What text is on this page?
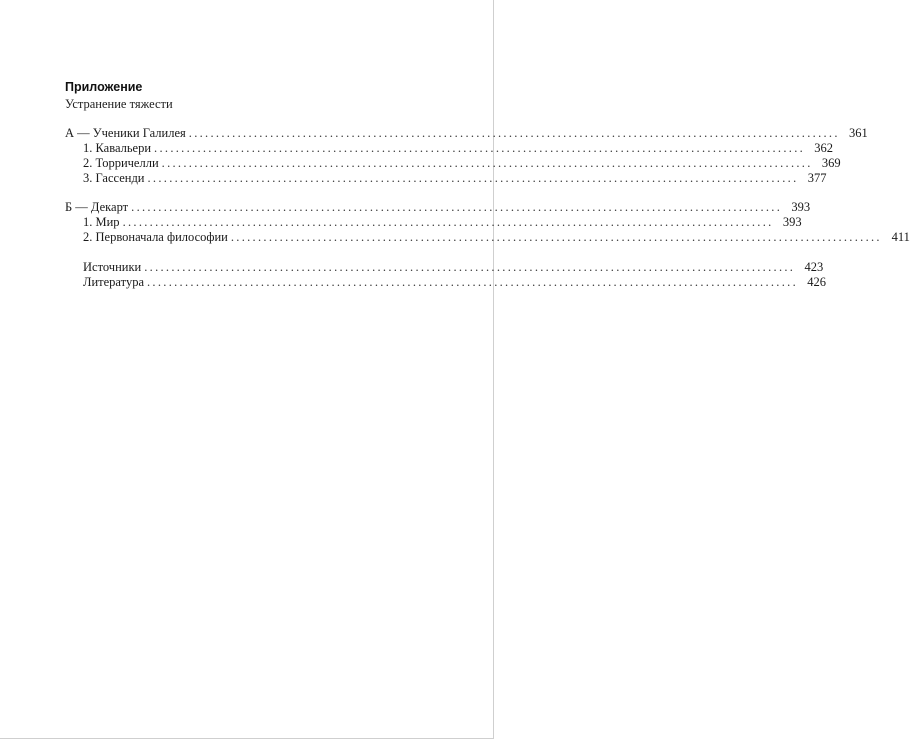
Приложение
Устранение тяжести
А — Ученики Галилея ........................................................................................................................ 361
1. Кавальери ........................................................................................................................ 362
2. Торричелли ........................................................................................................................ 369
3. Гассенди ........................................................................................................................ 377
Б — Декарт ........................................................................................................................ 393
1. Мир ........................................................................................................................ 393
2. Первоначала философии ........................................................................................................................ 411
Источники ........................................................................................................................ 423
Литература ........................................................................................................................ 426
